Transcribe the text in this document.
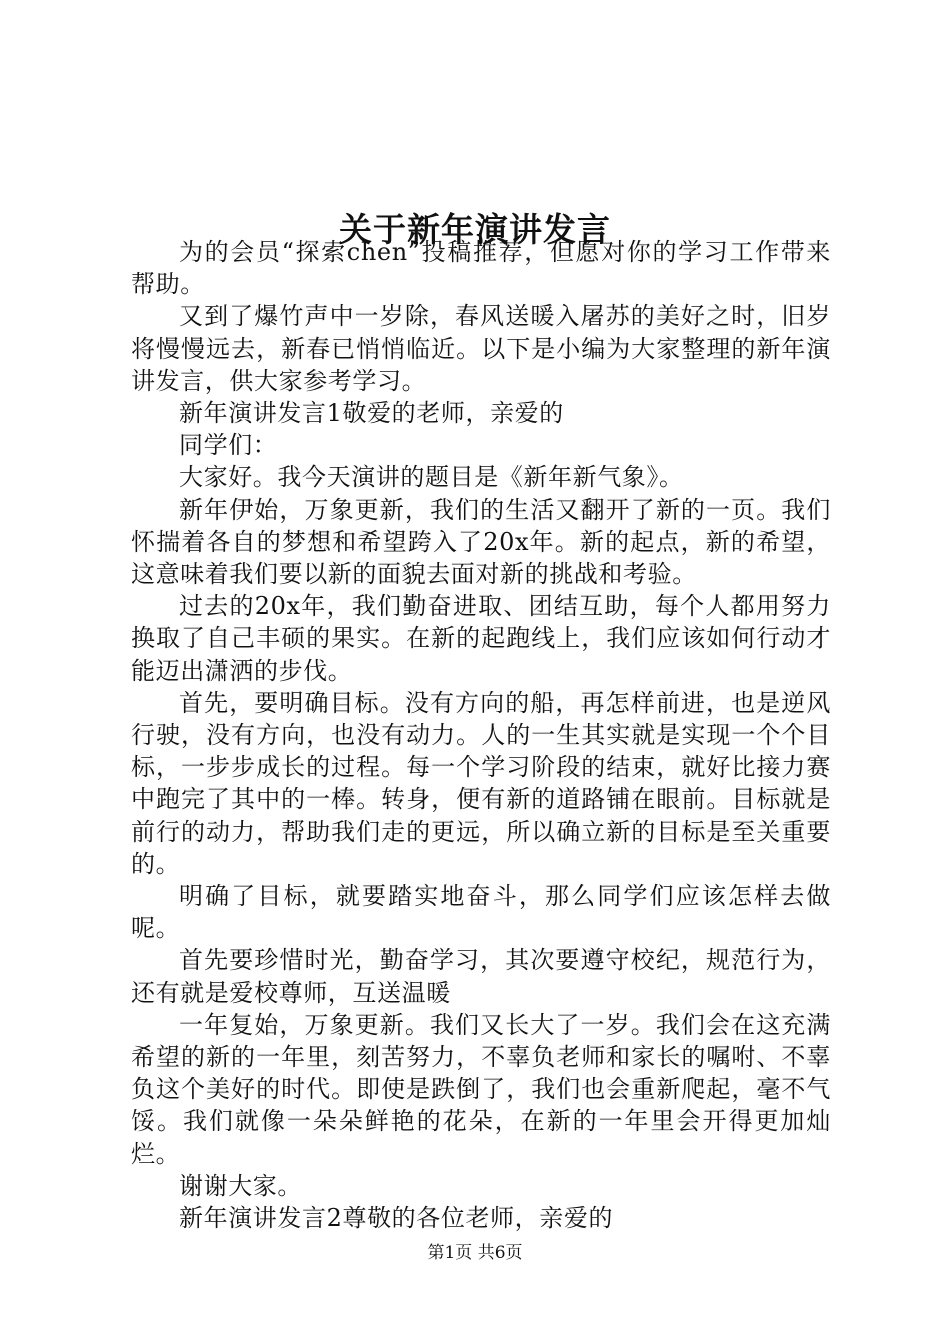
关于新年演讲发言

为的会员“探索chen”投稿推荐，但愿对你的学习工作带来帮助。

又到了爆竹声中一岁除，春风送暖入屠苏的美好之时，旧岁将慢慢远去，新春已悄悄临近。以下是小编为大家整理的新年演讲发言，供大家参考学习。

新年演讲发言1敬爱的老师，亲爱的

同学们：

大家好。我今天演讲的题目是《新年新气象》。

新年伊始，万象更新，我们的生活又翻开了新的一页。我们怀揣着各自的梦想和希望跨入了20x年。新的起点，新的希望，这意味着我们要以新的面貌去面对新的挑战和考验。

过去的20x年，我们勤奋进取、团结互助，每个人都用努力换取了自己丰硕的果实。在新的起跑线上，我们应该如何行动才能迈出潇洒的步伐。

首先，要明确目标。没有方向的船，再怎样前进，也是逆风行驶，没有方向，也没有动力。人的一生其实就是实现一个个目标，一步步成长的过程。每一个学习阶段的结束，就好比接力赛中跑完了其中的一棒。转身，便有新的道路铺在眼前。目标就是前行的动力，帮助我们走的更远，所以确立新的目标是至关重要的。

明确了目标，就要踏实地奋斗，那么同学们应该怎样去做呢。

首先要珍惜时光，勤奋学习，其次要遵守校纪，规范行为，还有就是爱校尊师，互送温暖

一年复始，万象更新。我们又长大了一岁。我们会在这充满希望的新的一年里，刻苦努力，不辜负老师和家长的嘱咐、不辜负这个美好的时代。即使是跌倒了，我们也会重新爬起，毫不气馁。我们就像一朵朵鲜艳的花朵，在新的一年里会开得更加灿烂。

谢谢大家。

新年演讲发言2尊敬的各位老师，亲爱的

第1页 共6页
